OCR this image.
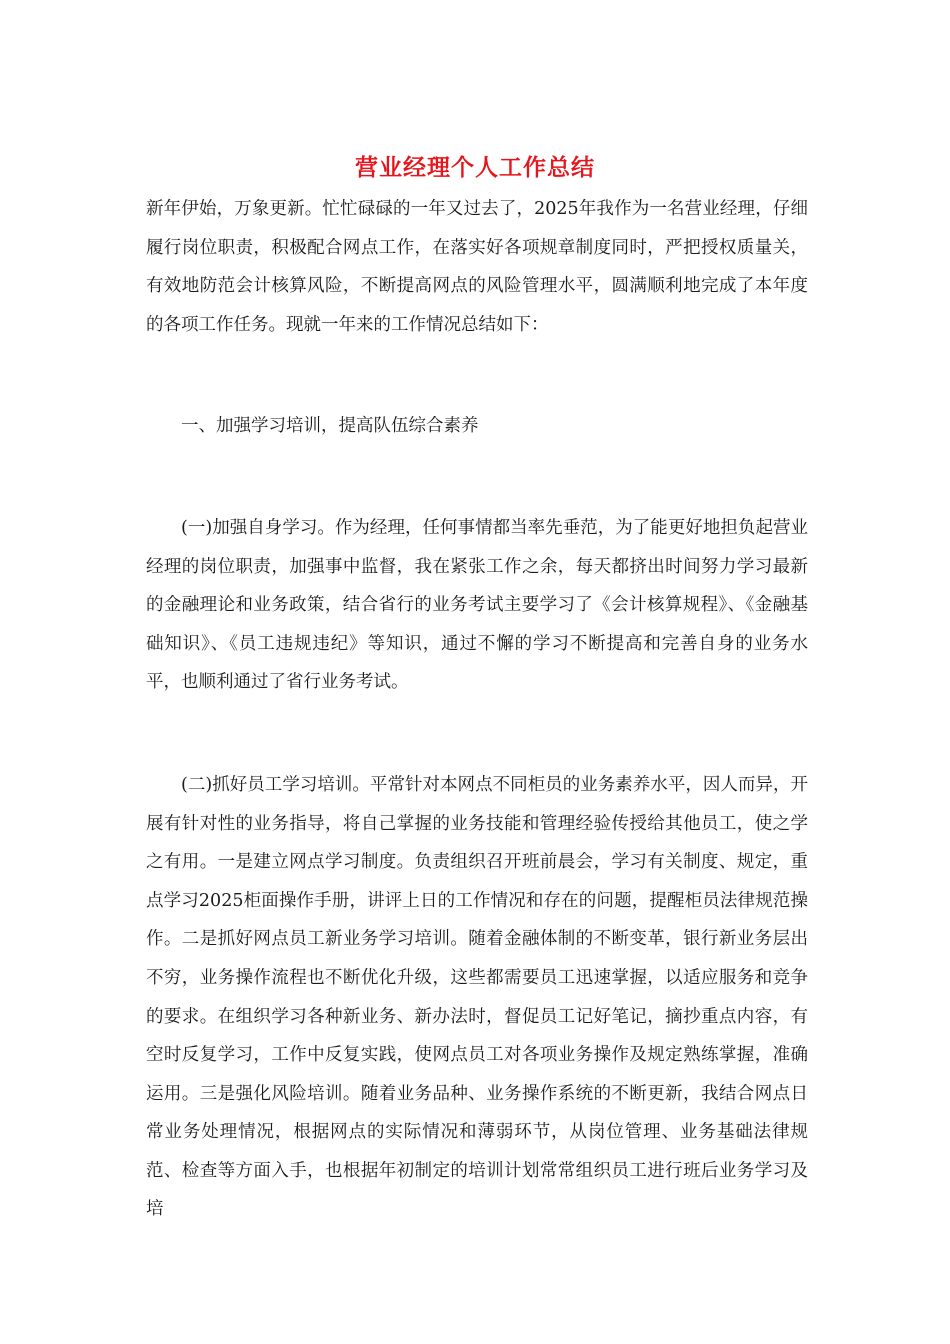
营业经理个人工作总结

新年伊始，万象更新。忙忙碌碌的一年又过去了，2025年我作为一名营业经理，仔细履行岗位职责，积极配合网点工作，在落实好各项规章制度同时，严把授权质量关，有效地防范会计核算风险，不断提高网点的风险管理水平，圆满顺利地完成了本年度的各项工作任务。现就一年来的工作情况总结如下：

一、加强学习培训，提高队伍综合素养

(一)加强自身学习。作为经理，任何事情都当率先垂范，为了能更好地担负起营业经理的岗位职责，加强事中监督，我在紧张工作之余，每天都挤出时间努力学习最新的金融理论和业务政策，结合省行的业务考试主要学习了《会计核算规程》、《金融基础知识》、《员工违规违纪》等知识，通过不懈的学习不断提高和完善自身的业务水平，也顺利通过了省行业务考试。

(二)抓好员工学习培训。平常针对本网点不同柜员的业务素养水平，因人而异，开展有针对性的业务指导，将自己掌握的业务技能和管理经验传授给其他员工，使之学之有用。一是建立网点学习制度。负责组织召开班前晨会，学习有关制度、规定，重点学习2025柜面操作手册，讲评上日的工作情况和存在的问题，提醒柜员法律规范操作。二是抓好网点员工新业务学习培训。随着金融体制的不断变革，银行新业务层出不穷，业务操作流程也不断优化升级，这些都需要员工迅速掌握，以适应服务和竞争的要求。在组织学习各种新业务、新办法时，督促员工记好笔记，摘抄重点内容，有空时反复学习，工作中反复实践，使网点员工对各项业务操作及规定熟练掌握，准确运用。三是强化风险培训。随着业务品种、业务操作系统的不断更新，我结合网点日常业务处理情况，根据网点的实际情况和薄弱环节，从岗位管理、业务基础法律规范、检查等方面入手，也根据年初制定的培训计划常常组织员工进行班后业务学习及培
